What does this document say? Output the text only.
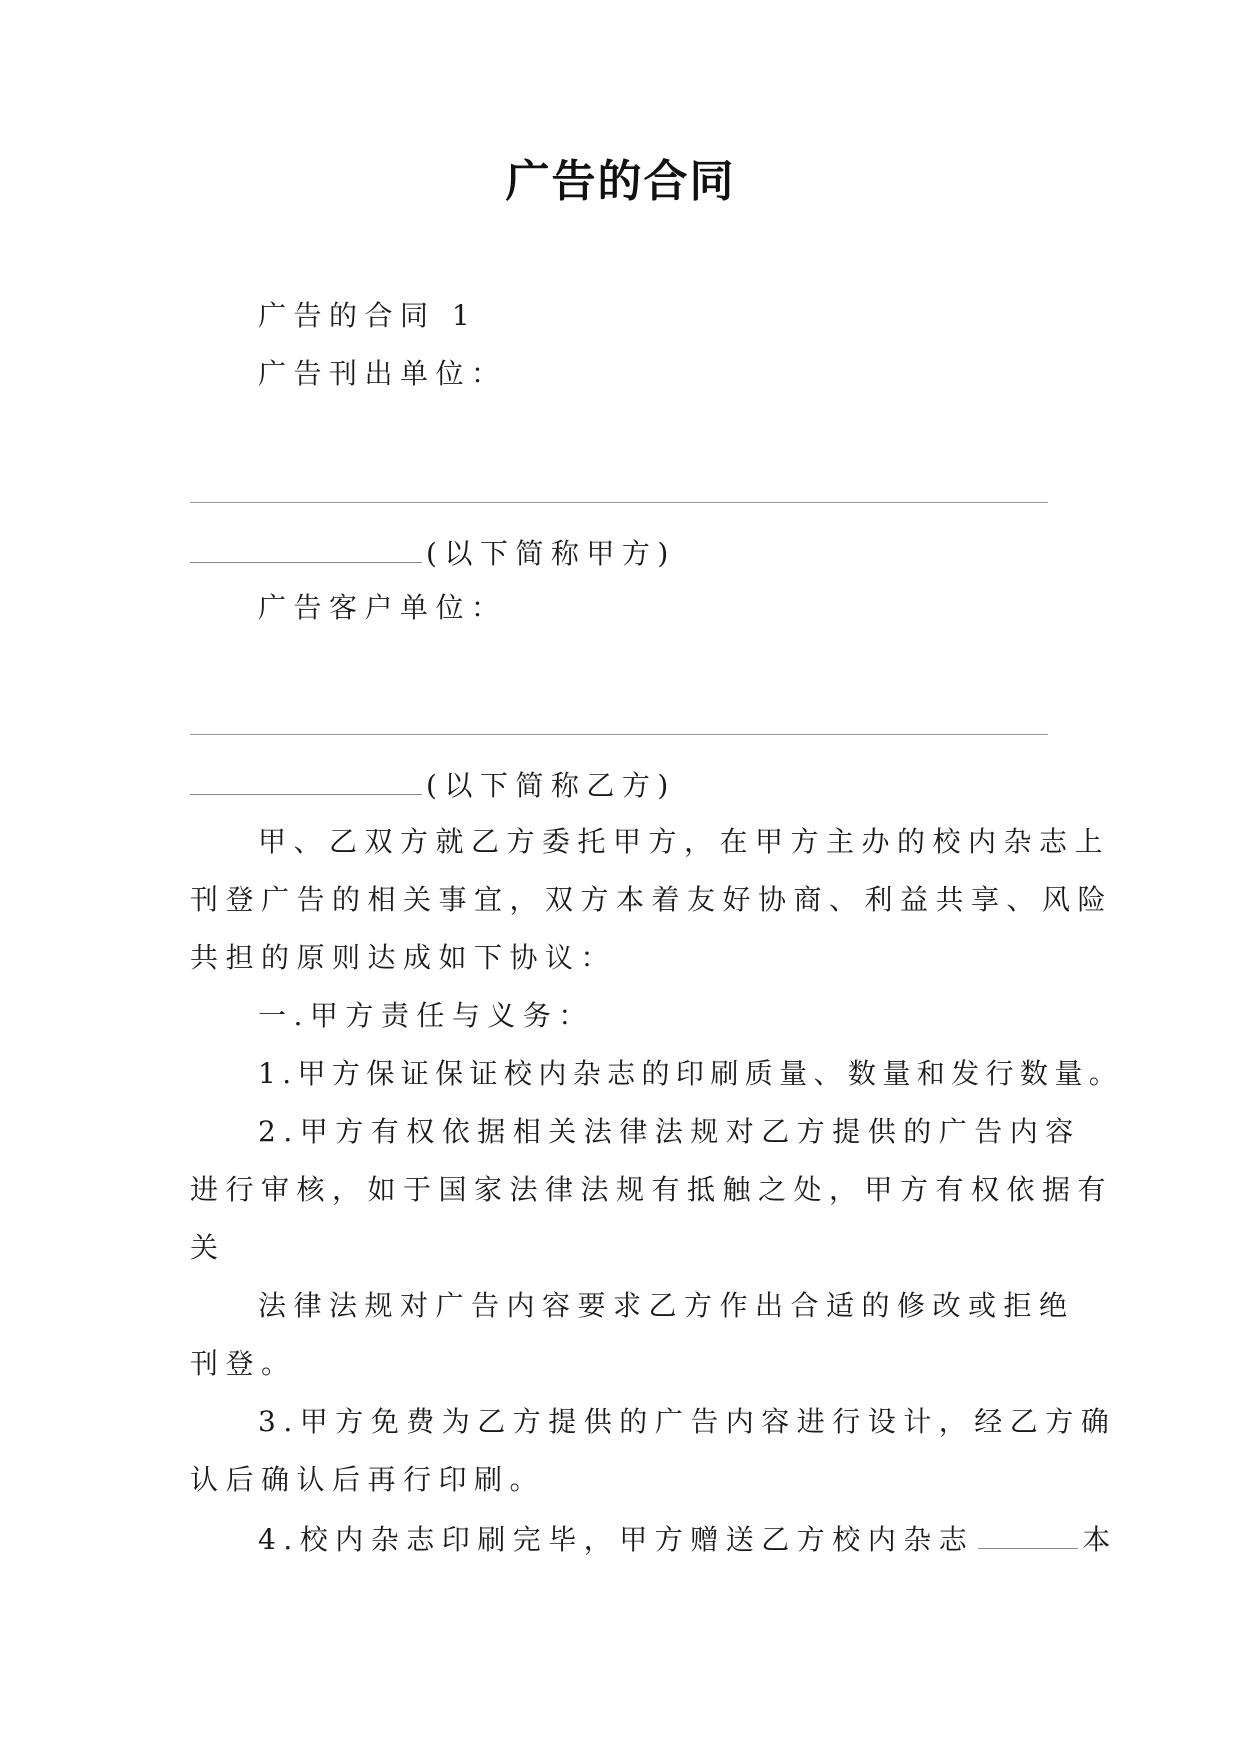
广告的合同
广告的合同 1
广告刊出单位：
(以下简称甲方)
广告客户单位：
(以下简称乙方)
甲、乙双方就乙方委托甲方，在甲方主办的校内杂志上
刊登广告的相关事宜，双方本着友好协商、利益共享、风险
共担的原则达成如下协议：
一.甲方责任与义务：
1.甲方保证保证校内杂志的印刷质量、数量和发行数量。
2.甲方有权依据相关法律法规对乙方提供的广告内容
进行审核，如于国家法律法规有抵触之处，甲方有权依据有
关
法律法规对广告内容要求乙方作出合适的修改或拒绝
刊登。
3.甲方免费为乙方提供的广告内容进行设计，经乙方确
认后确认后再行印刷。
4.校内杂志印刷完毕，甲方赠送乙方校内杂志	本
